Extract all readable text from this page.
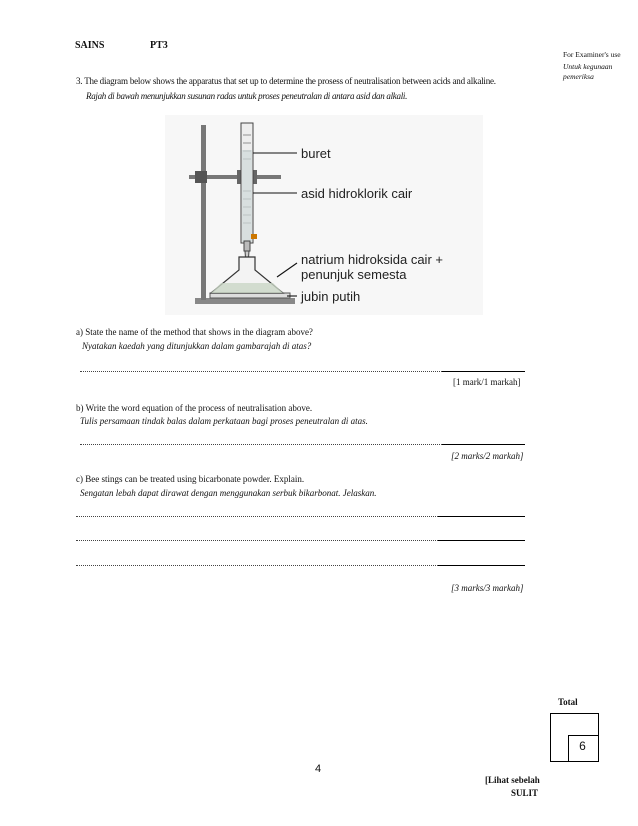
SAINS	PT3
For Examiner's use
Untuk kegunaan pemeriksa
3. The diagram below shows the apparatus that set up to determine the prosess of neutralisation between acids and alkaline.
Rajah di bawah menunjukkan susunan radas untuk proses peneutralan di antara asid dan alkali.
buret
asid hidroklorik cair
natrium hidroksida cair +
penunjuk semesta
jubin putih
a) State the name of the method that shows in the diagram above?
Nyatakan kaedah yang ditunjukkan dalam gambarajah di atas?
[1 mark/1 markah]
b) Write the word equation of the process of neutralisation above.
Tulis persamaan tindak balas dalam perkataan bagi proses peneutralan di atas.
[2 marks/2 markah]
c) Bee stings can be treated using bicarbonate powder. Explain.
Sengatan lebah dapat dirawat dengan menggunakan serbuk bikarbonat. Jelaskan.
[3 marks/3 markah]
Total
6
4
[Lihat sebelah
SULIT
